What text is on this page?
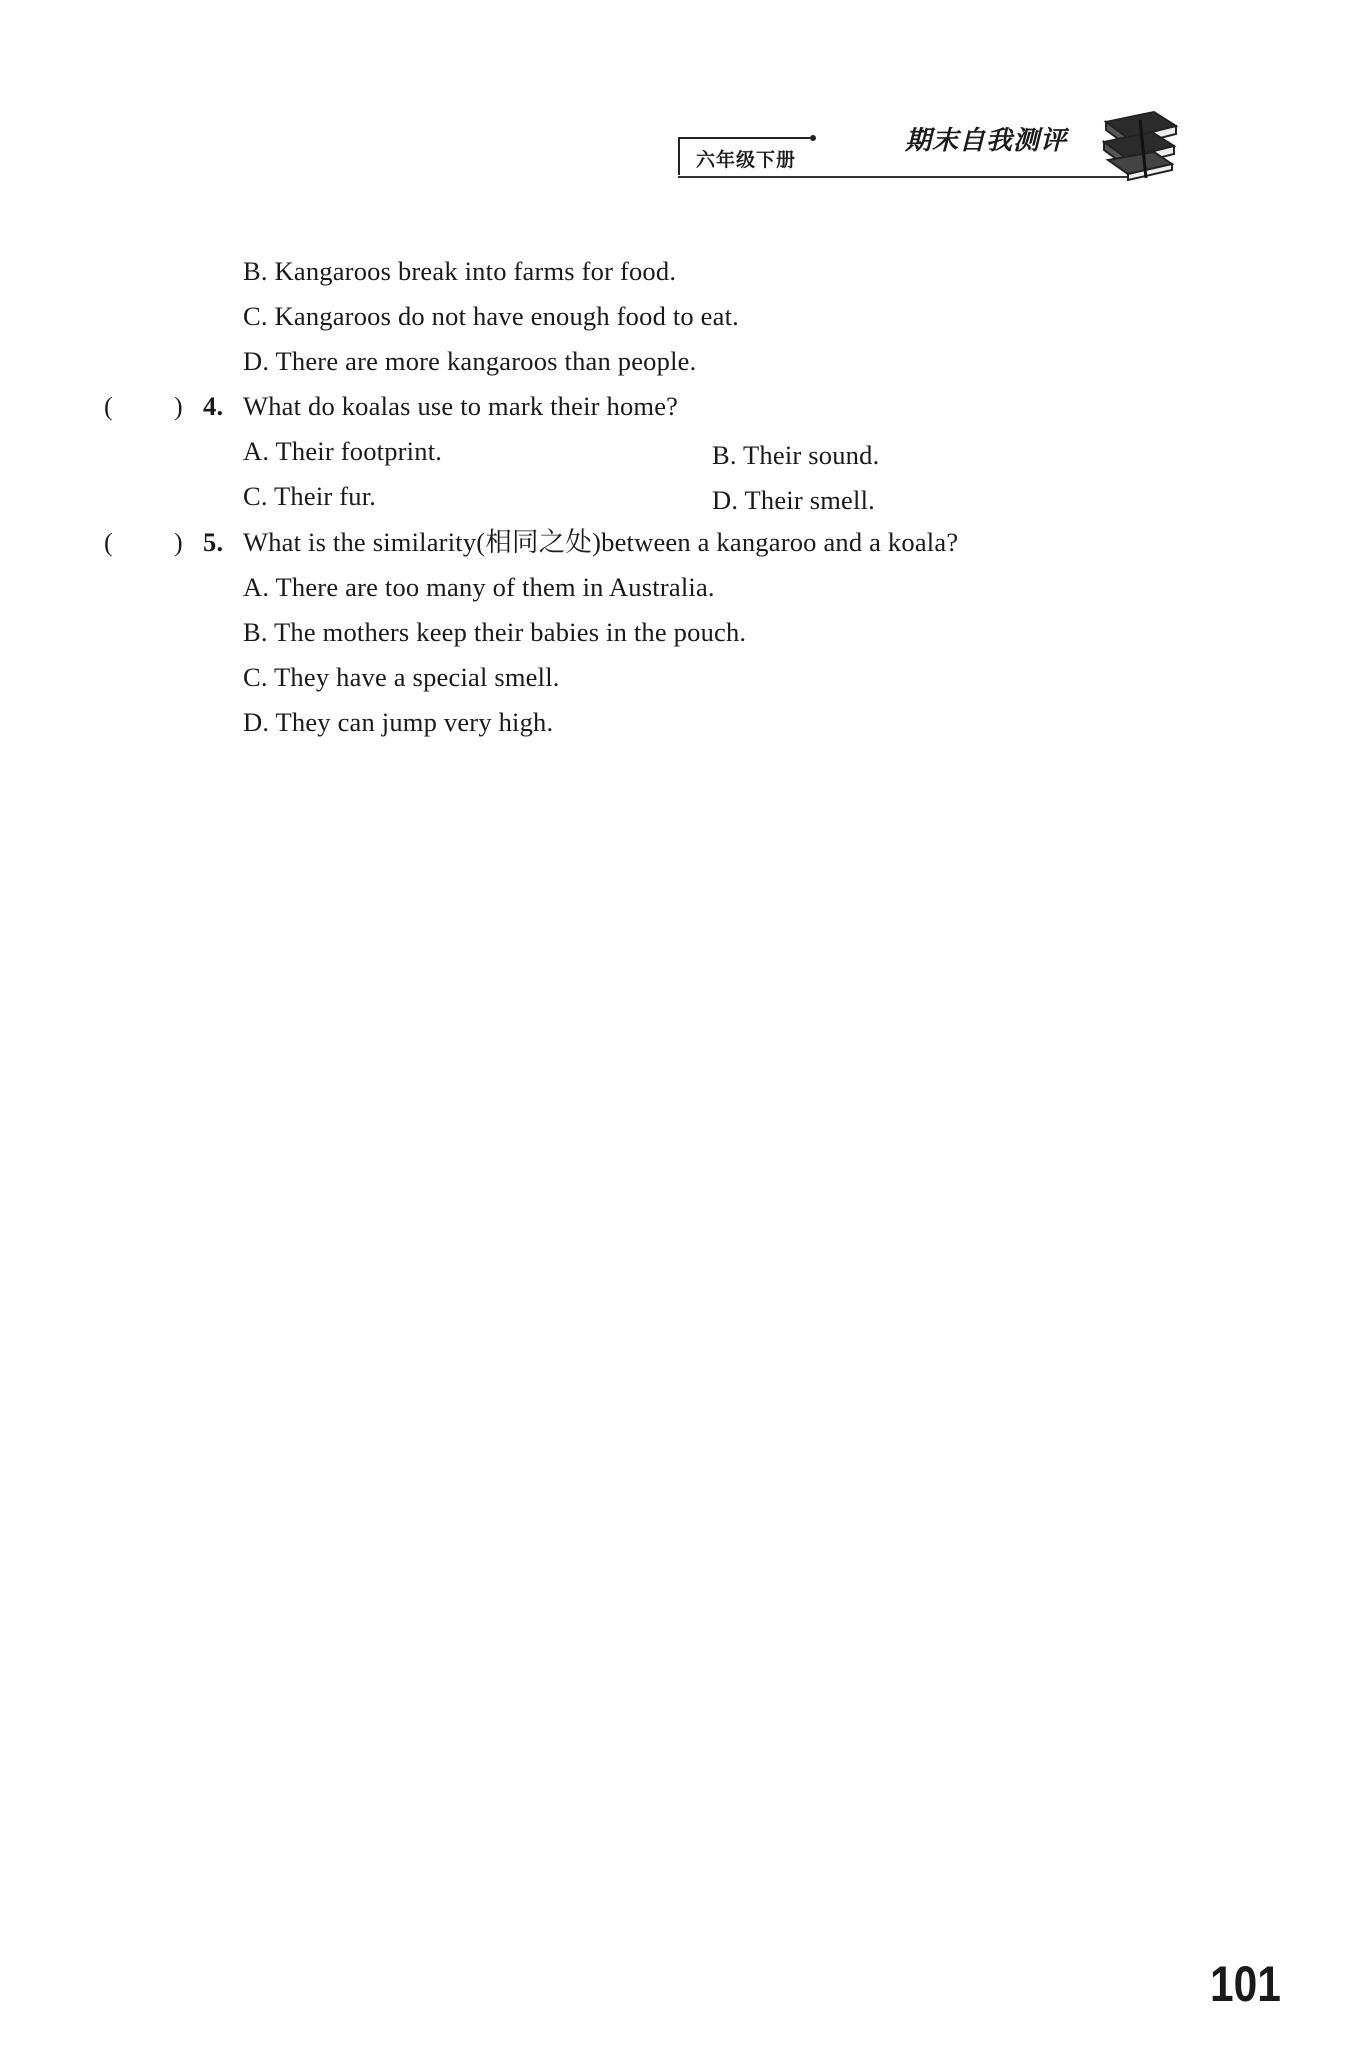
六年级下册
期末自我测评
B. Kangaroos break into farms for food.
C. Kangaroos do not have enough food to eat.
D. There are more kangaroos than people.
( ) 4. What do koalas use to mark their home?
A. Their footprint.	B. Their sound.
C. Their fur.	D. Their smell.
( ) 5. What is the similarity(相同之处)between a kangaroo and a koala?
A. There are too many of them in Australia.
B. The mothers keep their babies in the pouch.
C. They have a special smell.
D. They can jump very high.
101
